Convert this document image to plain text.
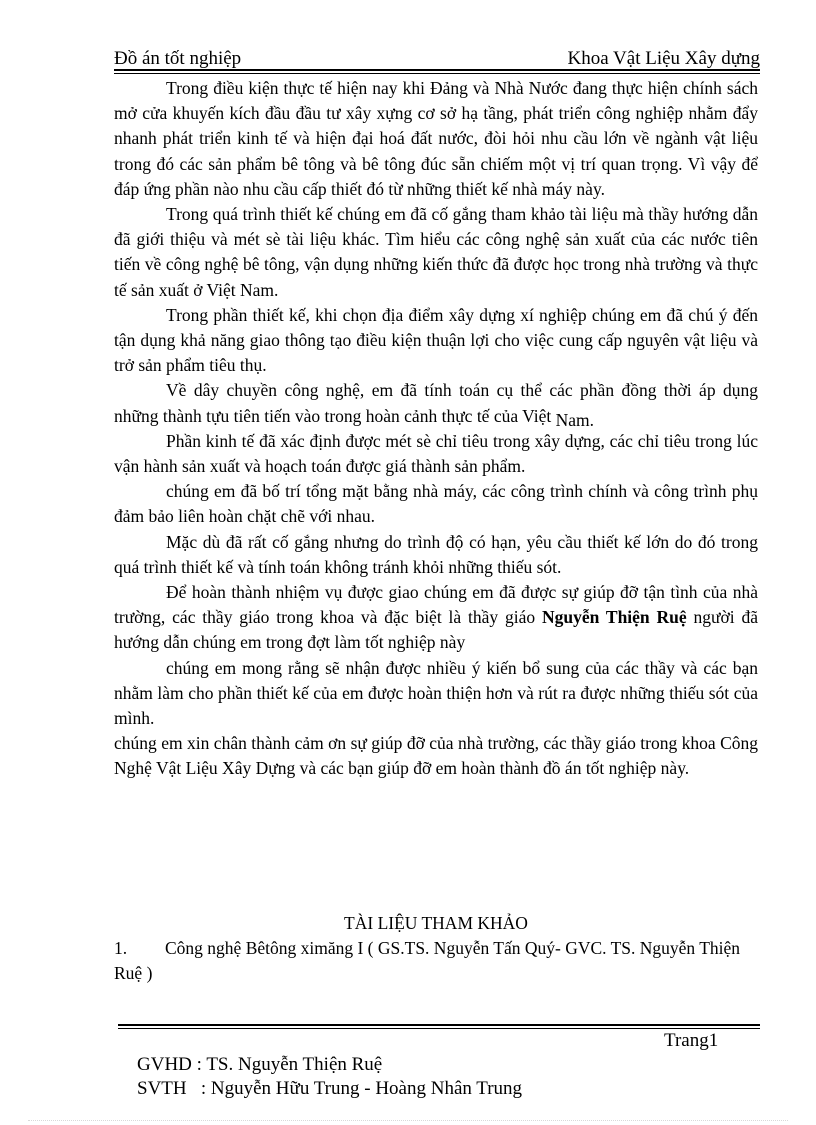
Đồ án tốt nghiệp	Khoa Vật Liệu Xây dựng

Trong điều kiện thực tế hiện nay khi Đảng và Nhà Nước đang thực hiện chính sách mở cửa khuyến kích đầu đầu tư xây xựng cơ sở hạ tầng, phát triển công nghiệp nhằm đẩy nhanh phát triển kinh tế và hiện đại hoá đất nước, đòi hỏi nhu cầu lớn về ngành vật liệu trong đó các sản phẩm bê tông và bê tông đúc sẵn chiếm một vị trí quan trọng. Vì vậy để đáp ứng phần nào nhu cầu cấp thiết đó từ những thiết kế nhà máy này.

Trong quá trình thiết kế chúng em đã cố gắng tham khảo tài liệu mà thầy hướng dẫn đã giới thiệu và mét sè tài liệu khác. Tìm hiểu các công nghệ sản xuất của các nước tiên tiến về công nghệ bê tông, vận dụng những kiến thức đã được học trong nhà trường và thực tế sản xuất ở Việt Nam.

Trong phần thiết kế, khi chọn địa điểm xây dựng xí nghiệp chúng em đã chú ý đến tận dụng khả năng giao thông tạo điều kiện thuận lợi cho việc cung cấp nguyên vật liệu và trở sản phẩm tiêu thụ.

Về dây chuyền công nghệ, em đã tính toán cụ thể các phần đồng thời áp dụng những thành tựu tiên tiến vào trong hoàn cảnh thực tế của Việt Nam.

Phần kinh tế đã xác định được mét sè chỉ tiêu trong xây dựng, các chỉ tiêu trong lúc vận hành sản xuất và hoạch toán được giá thành sản phẩm.

chúng em đã bố trí tổng mặt bằng nhà máy, các công trình chính và công trình phụ đảm bảo liên hoàn chặt chẽ với nhau.

Mặc dù đã rất cố gắng nhưng do trình độ có hạn, yêu cầu thiết kế lớn do đó trong quá trình thiết kế và tính toán không tránh khỏi những thiếu sót.

Để hoàn thành nhiệm vụ được giao chúng em đã được sự giúp đỡ tận tình của nhà trường, các thầy giáo trong khoa và đặc biệt là thầy giáo Nguyễn Thiện Ruệ người đã hướng dẫn chúng em trong đợt làm tốt nghiệp này

chúng em mong rằng sẽ nhận được nhiều ý kiến bổ sung của các thầy và các bạn nhằm làm cho phần thiết kế của em được hoàn thiện hơn và rút ra được những thiếu sót của mình.

chúng em xin chân thành cảm ơn sự giúp đỡ của nhà trường, các thầy giáo trong khoa Công Nghệ Vật Liệu Xây Dựng và các bạn giúp đỡ em hoàn thành đồ án tốt nghiệp này.

TÀI LIỆU THAM KHẢO
1. Công nghệ Bêtông ximăng I ( GS.TS. Nguyễn Tấn Quý- GVC. TS. Nguyễn Thiện Ruệ )

GVHD : TS. Nguyễn Thiện Ruệ

Trang1

SVTH   : Nguyễn Hữu Trung - Hoàng Nhân Trung
